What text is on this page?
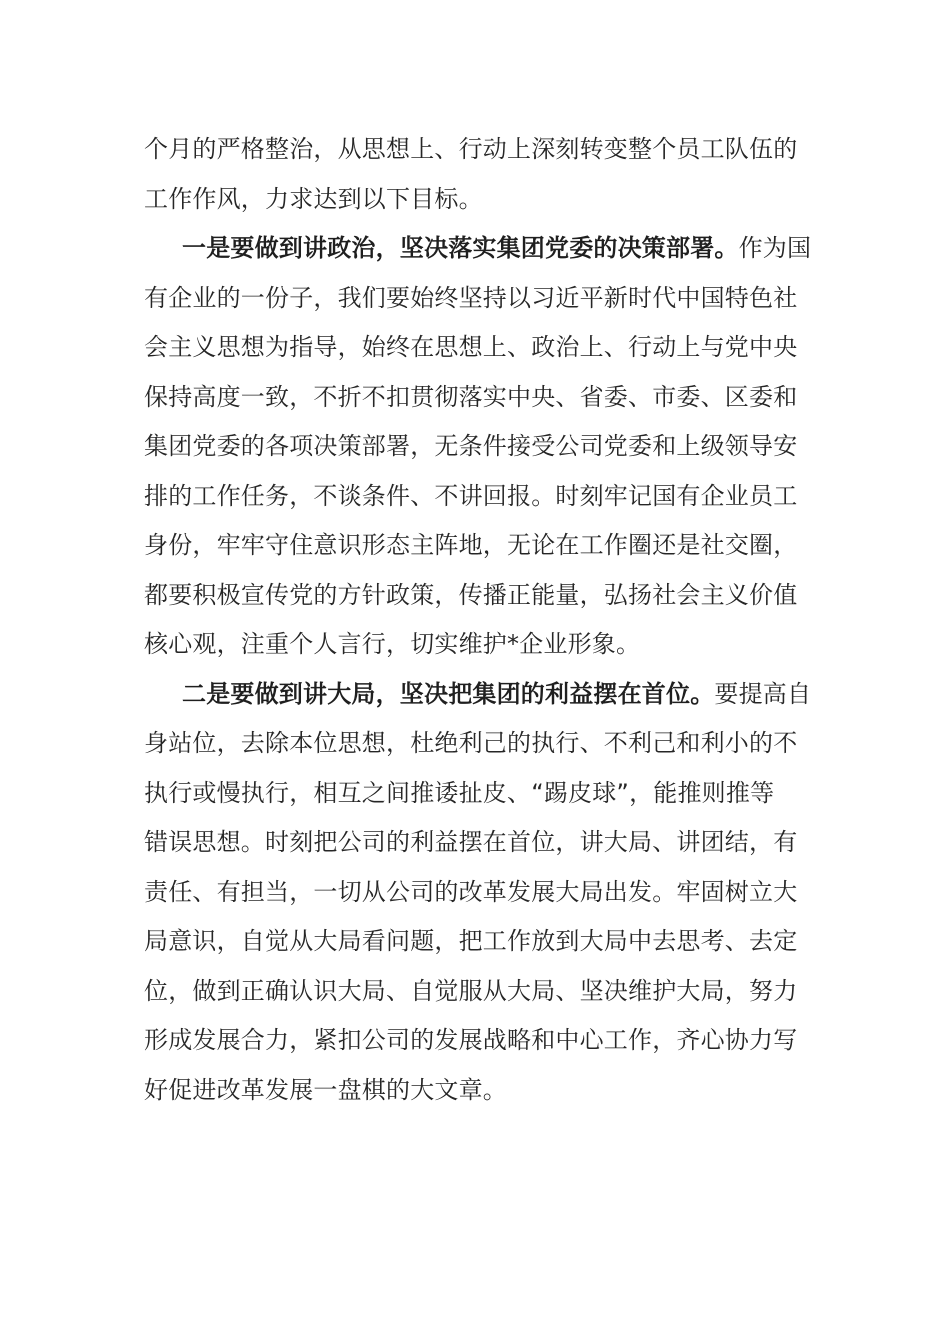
个月的严格整治，从思想上、行动上深刻转变整个员工队伍的
工作作风，力求达到以下目标。
一是要做到讲政治，坚决落实集团党委的决策部署。作为国
有企业的一份子，我们要始终坚持以习近平新时代中国特色社
会主义思想为指导，始终在思想上、政治上、行动上与党中央
保持高度一致，不折不扣贯彻落实中央、省委、市委、区委和
集团党委的各项决策部署，无条件接受公司党委和上级领导安
排的工作任务，不谈条件、不讲回报。时刻牢记国有企业员工
身份，牢牢守住意识形态主阵地，无论在工作圈还是社交圈，
都要积极宣传党的方针政策，传播正能量，弘扬社会主义价值
核心观，注重个人言行，切实维护*企业形象。
二是要做到讲大局，坚决把集团的利益摆在首位。要提高自
身站位，去除本位思想，杜绝利己的执行、不利己和利小的不
执行或慢执行，相互之间推诿扯皮、“踢皮球”，能推则推等
错误思想。时刻把公司的利益摆在首位，讲大局、讲团结，有
责任、有担当，一切从公司的改革发展大局出发。牢固树立大
局意识，自觉从大局看问题，把工作放到大局中去思考、去定
位，做到正确认识大局、自觉服从大局、坚决维护大局，努力
形成发展合力，紧扣公司的发展战略和中心工作，齐心协力写
好促进改革发展一盘棋的大文章。
